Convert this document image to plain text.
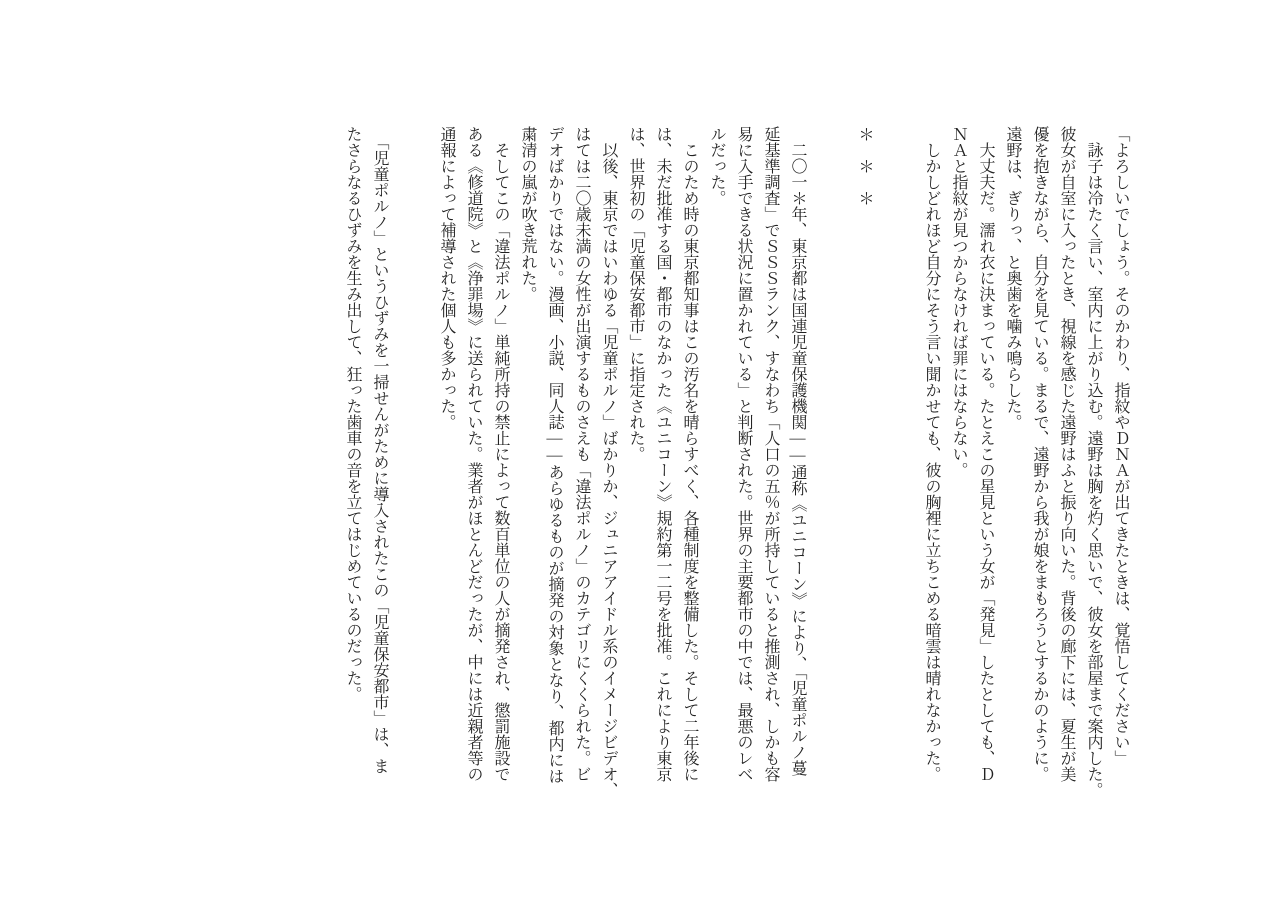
「よろしいでしょう。そのかわり、指紋やＤＮＡが出てきたときは、覚悟してください」
　詠子は冷たく言い、室内に上がり込む。遠野は胸を灼く思いで、彼女を部屋まで案内した。
彼女が自室に入ったとき、視線を感じた遠野はふと振り向いた。背後の廊下には、夏生が美
優を抱きながら、自分を見ている。まるで、遠野から我が娘をまもろうとするかのように。
遠野は、ぎりっ、と奥歯を噛み鳴らした。
　大丈夫だ。濡れ衣に決まっている。たとえこの星見という女が「発見」したとしても、Ｄ
ＮＡと指紋が見つからなければ罪にはならない。
　しかしどれほど自分にそう言い聞かせても、彼の胸裡に立ちこめる暗雲は晴れなかった。
＊　＊　＊
　二〇一＊年、東京都は国連児童保護機関――通称《ユニコーン》により、「児童ポルノ蔓
延基準調査」でＳＳＳランク、すなわち「人口の五％が所持していると推測され、しかも容
易に入手できる状況に置かれている」と判断された。世界の主要都市の中では、最悪のレベ
ルだった。
　このため時の東京都知事はこの汚名を晴らすべく、各種制度を整備した。そして二年後に
は、未だ批准する国・都市のなかった《ユニコーン》規約第一二号を批准。これにより東京
は、世界初の「児童保安都市」に指定された。
　以後、東京ではいわゆる「児童ポルノ」ばかりか、ジュニアアイドル系のイメージビデオ、
はては二〇歳未満の女性が出演するものさえも「違法ポルノ」のカテゴリにくくられた。ビ
デオばかりではない。漫画、小説、同人誌――あらゆるものが摘発の対象となり、都内には
粛清の嵐が吹き荒れた。
　そしてこの「違法ポルノ」単純所持の禁止によって数百単位の人が摘発され、懲罰施設で
ある《修道院》と《浄罪場》に送られていた。業者がほとんどだったが、中には近親者等の
通報によって補導された個人も多かった。
　「児童ポルノ」というひずみを一掃せんがために導入されたこの「児童保安都市」は、ま
たさらなるひずみを生み出して、狂った歯車の音を立てはじめているのだった。
